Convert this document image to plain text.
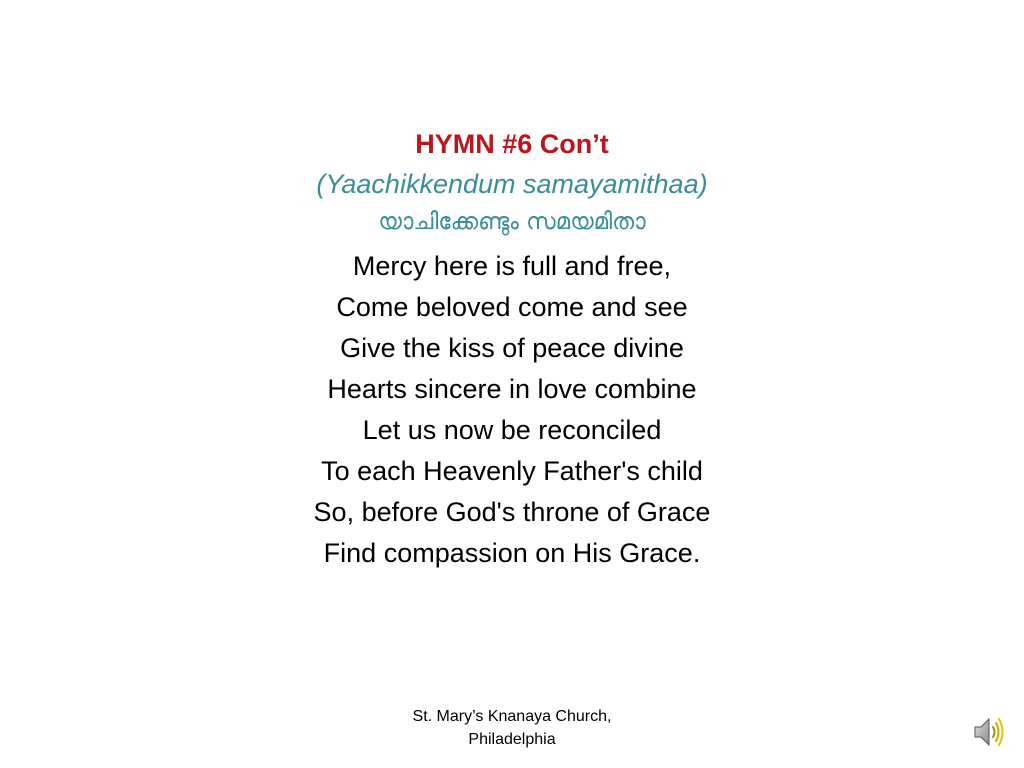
HYMN #6 Con’t

(Yaachikkendum samayamithaa)

യാചിക്കേണ്ടും സമയമിതാ

Mercy here is full and free,
Come beloved come and see
Give the kiss of peace divine
Hearts sincere in love combine
Let us now be reconciled
To each Heavenly Father's child
So, before God's throne of Grace
Find compassion on His Grace.
St. Mary’s Knanaya Church,
Philadelphia
